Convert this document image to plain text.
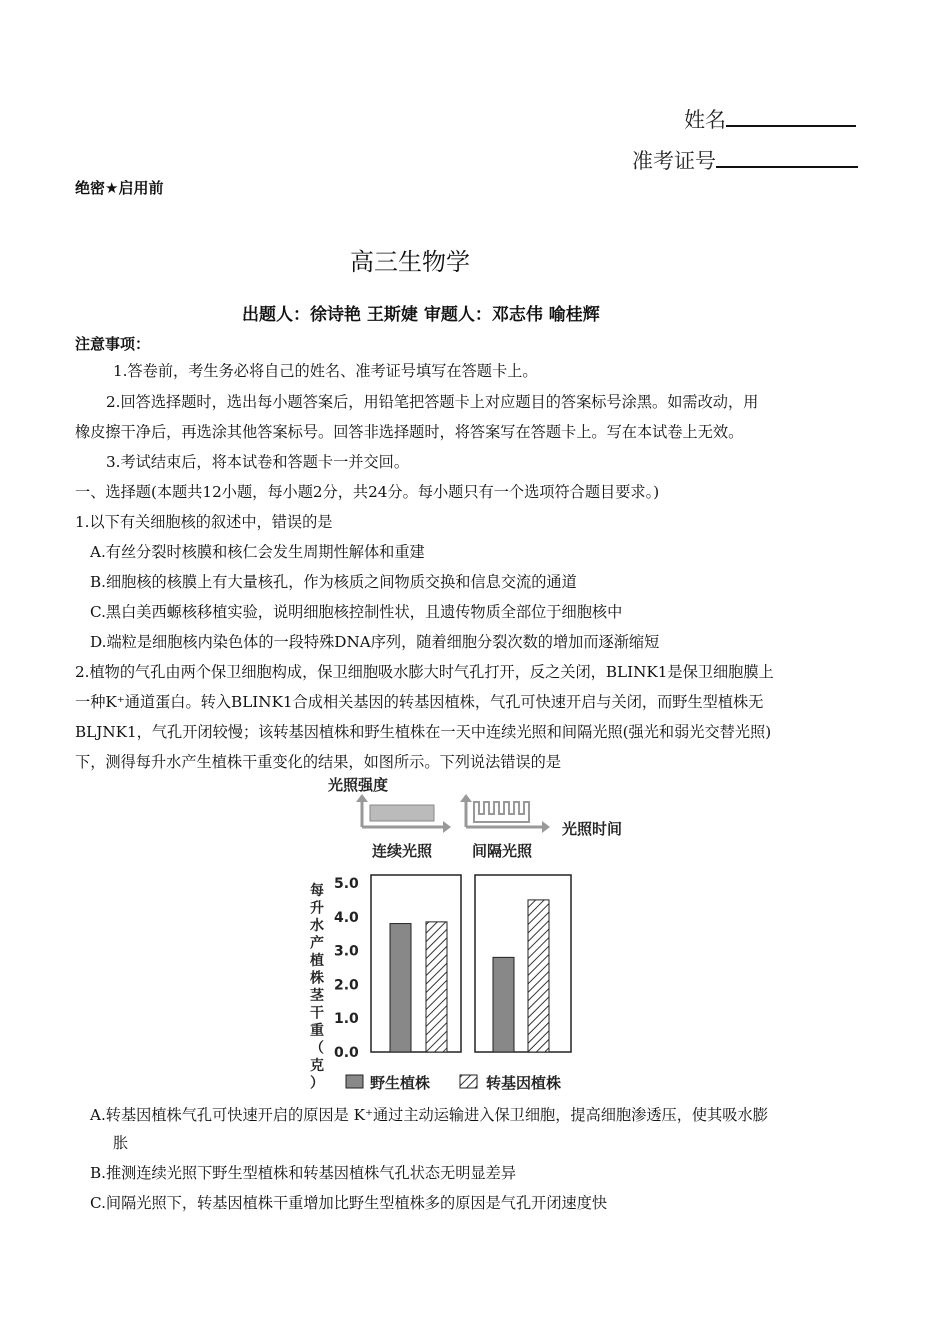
姓名
准考证号
绝密★启用前
高三生物学
出题人：徐诗艳 王斯婕 审题人：邓志伟 喻桂辉
注意事项：
1.答卷前，考生务必将自己的姓名、准考证号填写在答题卡上。
2.回答选择题时，选出每小题答案后，用铅笔把答题卡上对应题目的答案标号涂黑。如需改动，用
橡皮擦干净后，再选涂其他答案标号。回答非选择题时，将答案写在答题卡上。写在本试卷上无效。
3.考试结束后，将本试卷和答题卡一并交回。
一、选择题(本题共12小题，每小题2分，共24分。每小题只有一个选项符合题目要求。)
1.以下有关细胞核的叙述中，错误的是
A.有丝分裂时核膜和核仁会发生周期性解体和重建
B.细胞核的核膜上有大量核孔，作为核质之间物质交换和信息交流的通道
C.黑白美西螈核移植实验，说明细胞核控制性状，且遗传物质全部位于细胞核中
D.端粒是细胞核内染色体的一段特殊DNA序列，随着细胞分裂次数的增加而逐渐缩短
2.植物的气孔由两个保卫细胞构成，保卫细胞吸水膨大时气孔打开，反之关闭，BLINK1是保卫细胞膜上
一种K⁺通道蛋白。转入BLINK1合成相关基因的转基因植株，气孔可快速开启与关闭，而野生型植株无
BLJNK1，气孔开闭较慢；该转基因植株和野生植株在一天中连续光照和间隔光照(强光和弱光交替光照)
下，测得每升水产生植株干重变化的结果，如图所示。下列说法错误的是
光照强度
光照时间
连续光照	间隔光照
每
升
水
产
植
株
茎
干
重
（
克
）
0.0
1.0
2.0
3.0
4.0
5.0
野生植株	转基因植株
A.转基因植株气孔可快速开启的原因是 K⁺通过主动运输进入保卫细胞，提高细胞渗透压，使其吸水膨
胀
B.推测连续光照下野生型植株和转基因植株气孔状态无明显差异
C.间隔光照下，转基因植株干重增加比野生型植株多的原因是气孔开闭速度快
